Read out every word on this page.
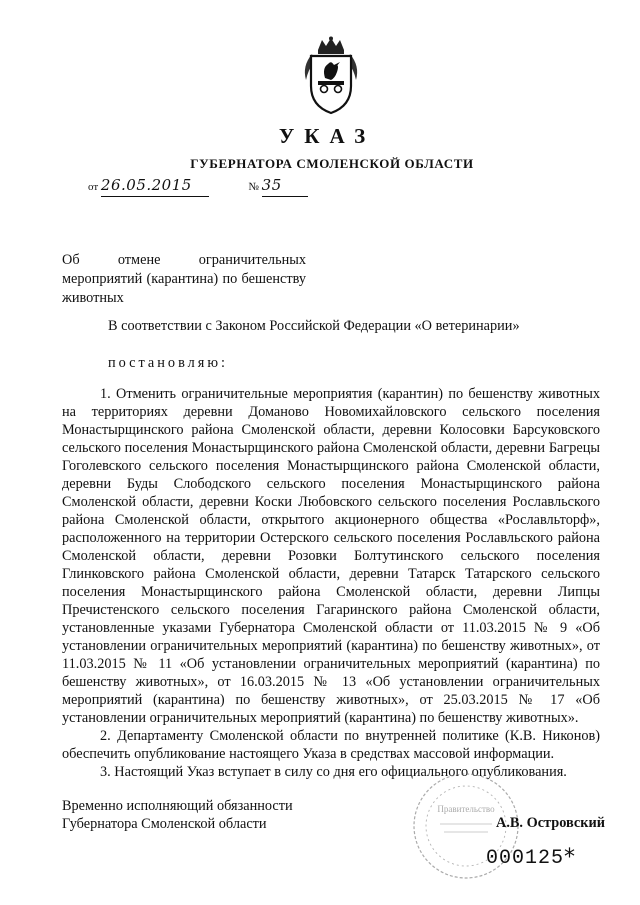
УКАЗ
ГУБЕРНАТОРА СМОЛЕНСКОЙ ОБЛАСТИ
от 26.05.2015	№ 35
Об отмене ограничительных мероприятий (карантина) по бешенству животных
В соответствии с Законом Российской Федерации «О ветеринарии»
постановляю:

1. Отменить ограничительные мероприятия (карантин) по бешенству животных на территориях деревни Доманово Новомихайловского сельского поселения Монастырщинского района Смоленской области, деревни Колосовки Барсуковского сельского поселения Монастырщинского района Смоленской области, деревни Багрецы Гоголевского сельского поселения Монастырщинского района Смоленской области, деревни Буды Слободского сельского поселения Монастырщинского района Смоленской области, деревни Коски Любовского сельского поселения Рославльского района Смоленской области, открытого акционерного общества «Рославльторф», расположенного на территории Остерского сельского поселения Рославльского района Смоленской области, деревни Розовки Болтутинского сельского поселения Глинковского района Смоленской области, деревни Татарск Татарского сельского поселения Монастырщинского района Смоленской области, деревни Липцы Пречистенского сельского поселения Гагаринского района Смоленской области, установленные указами Губернатора Смоленской области от 11.03.2015 № 9 «Об установлении ограничительных мероприятий (карантина) по бешенству животных», от 11.03.2015 № 11 «Об установлении ограничительных мероприятий (карантина) по бешенству животных», от 16.03.2015 № 13 «Об установлении ограничительных мероприятий (карантина) по бешенству животных», от 25.03.2015 № 17 «Об установлении ограничительных мероприятий (карантина) по бешенству животных».

2. Департаменту Смоленской области по внутренней политике (К.В. Никонов) обеспечить опубликование настоящего Указа в средствах массовой информации.

3. Настоящий Указ вступает в силу со дня его официального опубликования.

Временно исполняющий обязанности
Губернатора Смоленской области
Правительство
А.В. Островский
000125 *
